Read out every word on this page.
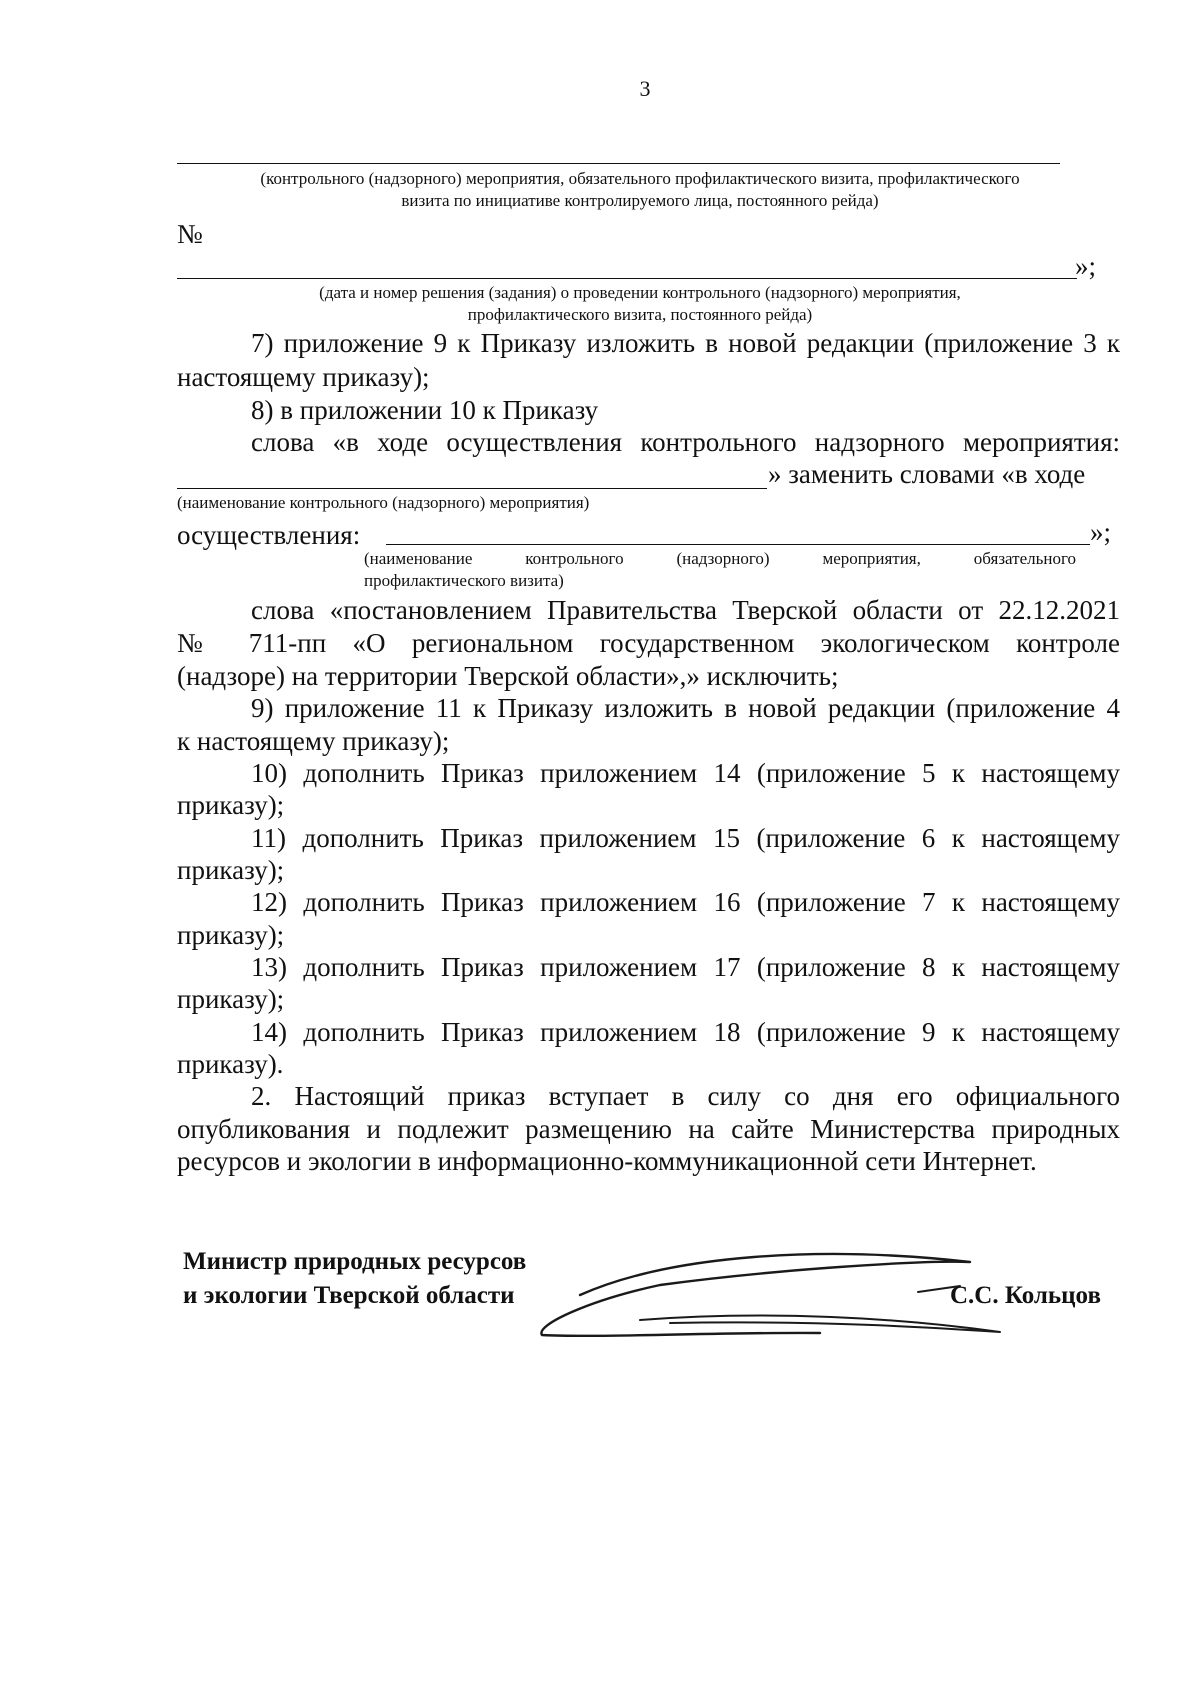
3
(контрольного (надзорного) мероприятия, обязательного профилактического визита, профилактического
визита по инициативе контролируемого лица, постоянного рейда)
№
»;
(дата и номер решения (задания) о проведении контрольного (надзорного) мероприятия,
профилактического визита, постоянного рейда)
7) приложение 9 к Приказу изложить в новой редакции (приложение 3 к
настоящему приказу);
8) в приложении 10 к Приказу
слова «в ходе осуществления контрольного надзорного мероприятия:
» заменить словами «в ходе
(наименование контрольного (надзорного) мероприятия)
осуществления:	»;
(наименование контрольного (надзорного) мероприятия, обязательного
профилактического визита)
слова «постановлением Правительства Тверской области от 22.12.2021
№ 711-пп «О региональном государственном экологическом контроле
(надзоре) на территории Тверской области»,» исключить;
9) приложение 11 к Приказу изложить в новой редакции (приложение 4
к настоящему приказу);
10) дополнить Приказ приложением 14 (приложение 5 к настоящему
приказу);
11) дополнить Приказ приложением 15 (приложение 6 к настоящему
приказу);
12) дополнить Приказ приложением 16 (приложение 7 к настоящему
приказу);
13) дополнить Приказ приложением 17 (приложение 8 к настоящему
приказу);
14) дополнить Приказ приложением 18 (приложение 9 к настоящему
приказу).
2. Настоящий приказ вступает в силу со дня его официального
опубликования и подлежит размещению на сайте Министерства природных
ресурсов и экологии в информационно-коммуникационной сети Интернет.
Министр природных ресурсов
и экологии Тверской области	С.С. Кольцов
